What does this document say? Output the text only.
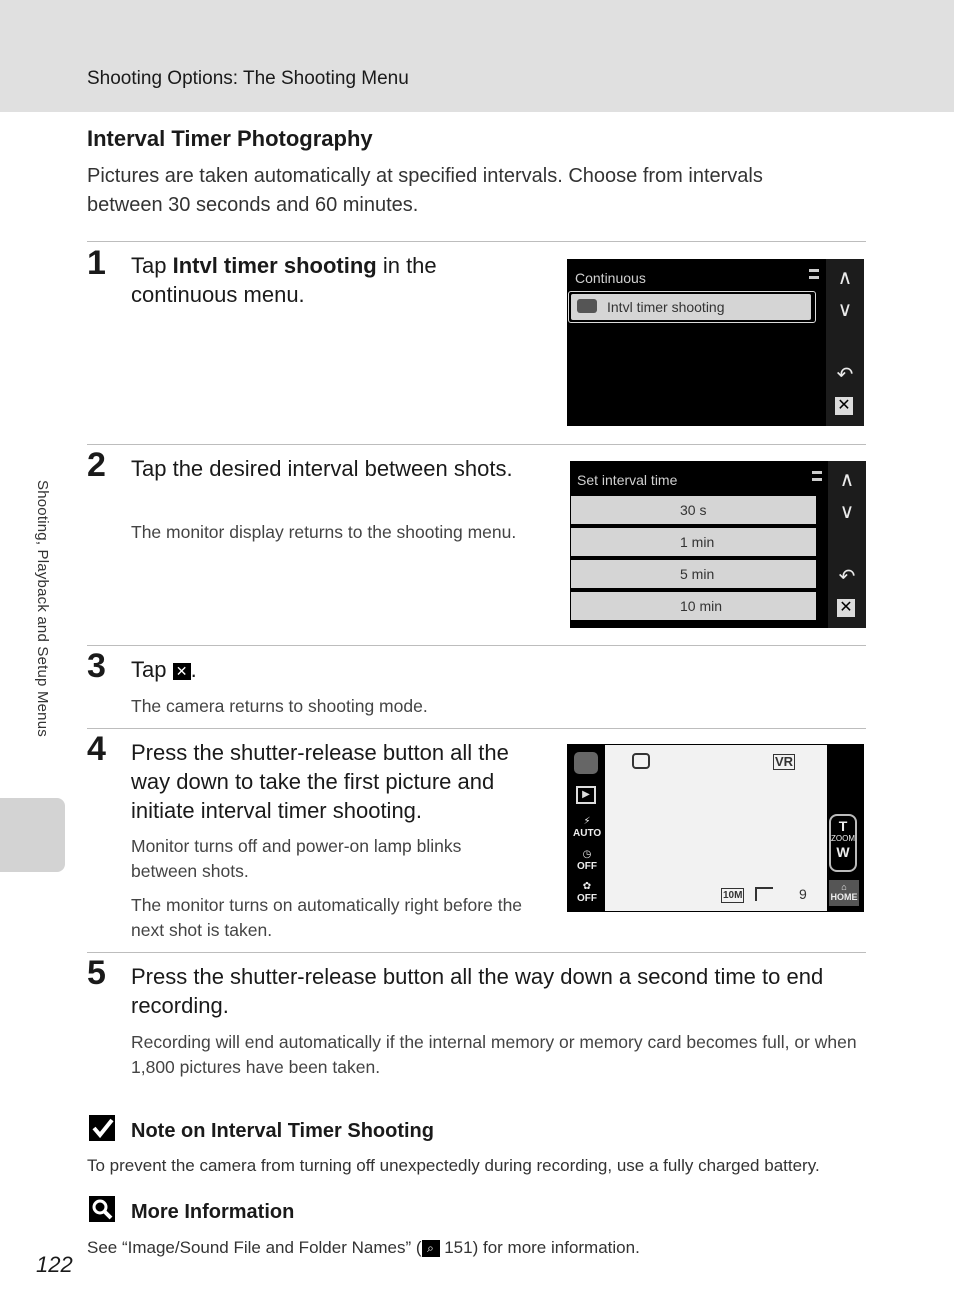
Shooting Options: The Shooting Menu
Shooting, Playback and Setup Menus
Interval Timer Photography
Pictures are taken automatically at specified intervals. Choose from intervals between 30 seconds and 60 minutes.
1 Tap Intvl timer shooting in the continuous menu.
Continuous
Intvl timer shooting
∧
∨
↶
✕
2 Tap the desired interval between shots.
The monitor display returns to the shooting menu.
Set interval time
30 s
1 min
5 min
10 min
∧
∨
↶
✕
3 Tap ✕ .
The camera returns to shooting mode.
4 Press the shutter-release button all the way down to take the first picture and initiate interval timer shooting.
Monitor turns off and power-on lamp blinks between shots.
The monitor turns on automatically right before the next shot is taken.
VR
10M	9
▶
⚡
AUTO
◷
OFF
✿
OFF
T
ZOOM
W
⌂
HOME
5 Press the shutter-release button all the way down a second time to end recording.
Recording will end automatically if the internal memory or memory card becomes full, or when 1,800 pictures have been taken.
Note on Interval Timer Shooting
To prevent the camera from turning off unexpectedly during recording, use a fully charged battery.
More Information
See “Image/Sound File and Folder Names” ( ⌕ 151) for more information.
122
